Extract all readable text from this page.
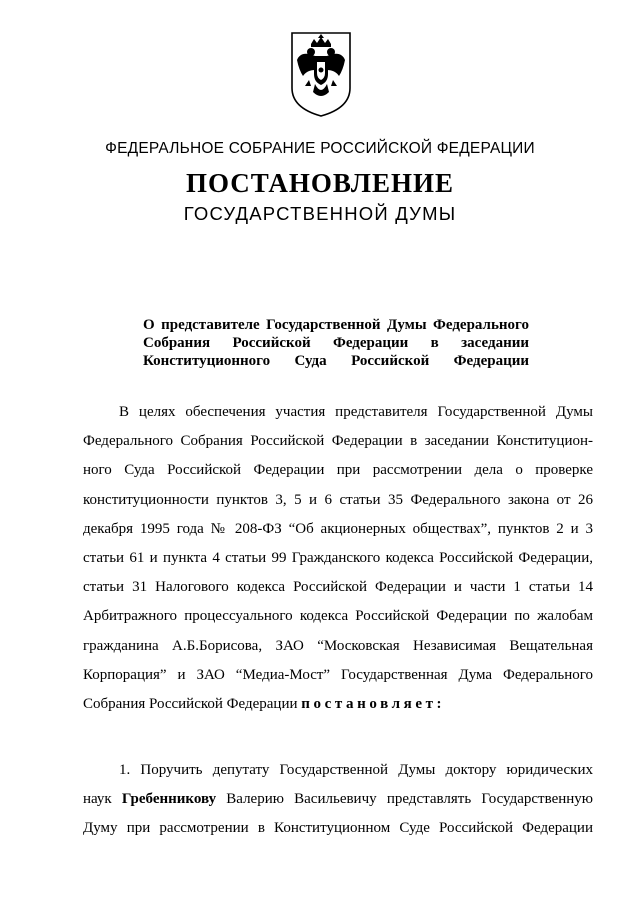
ФЕДЕРАЛЬНОЕ СОБРАНИЕ РОССИЙСКОЙ ФЕДЕРАЦИИ
ПОСТАНОВЛЕНИЕ
ГОСУДАРСТВЕННОЙ ДУМЫ
О представителе Государственной Думы Федерального
Собрания Российской Федерации в заседании
Конституционного Суда Российской Федерации
В целях обеспечения участия представителя Государственной Думы
Федерального Собрания Российской Федерации в заседании Конституцион-
ного Суда Российской Федерации при рассмотрении дела о проверке
конституционности пунктов 3, 5 и 6 статьи 35 Федерального закона от 26
декабря 1995 года № 208-ФЗ “Об акционерных обществах”, пунктов 2 и 3
статьи 61 и пункта 4 статьи 99 Гражданского кодекса Российской Федерации,
статьи 31 Налогового кодекса Российской Федерации и части 1 статьи 14
Арбитражного процессуального кодекса Российской Федерации по жалобам
гражданина А.Б.Борисова, ЗАО “Московская Независимая Вещательная
Корпорация” и ЗАО “Медиа-Мост” Государственная Дума Федерального
Собрания Российской Федерации постановляет:
1. Поручить депутату Государственной Думы доктору юридических
наук Гребенникову Валерию Васильевичу представлять Государственную
Думу при рассмотрении в Конституционном Суде Российской Федерации
